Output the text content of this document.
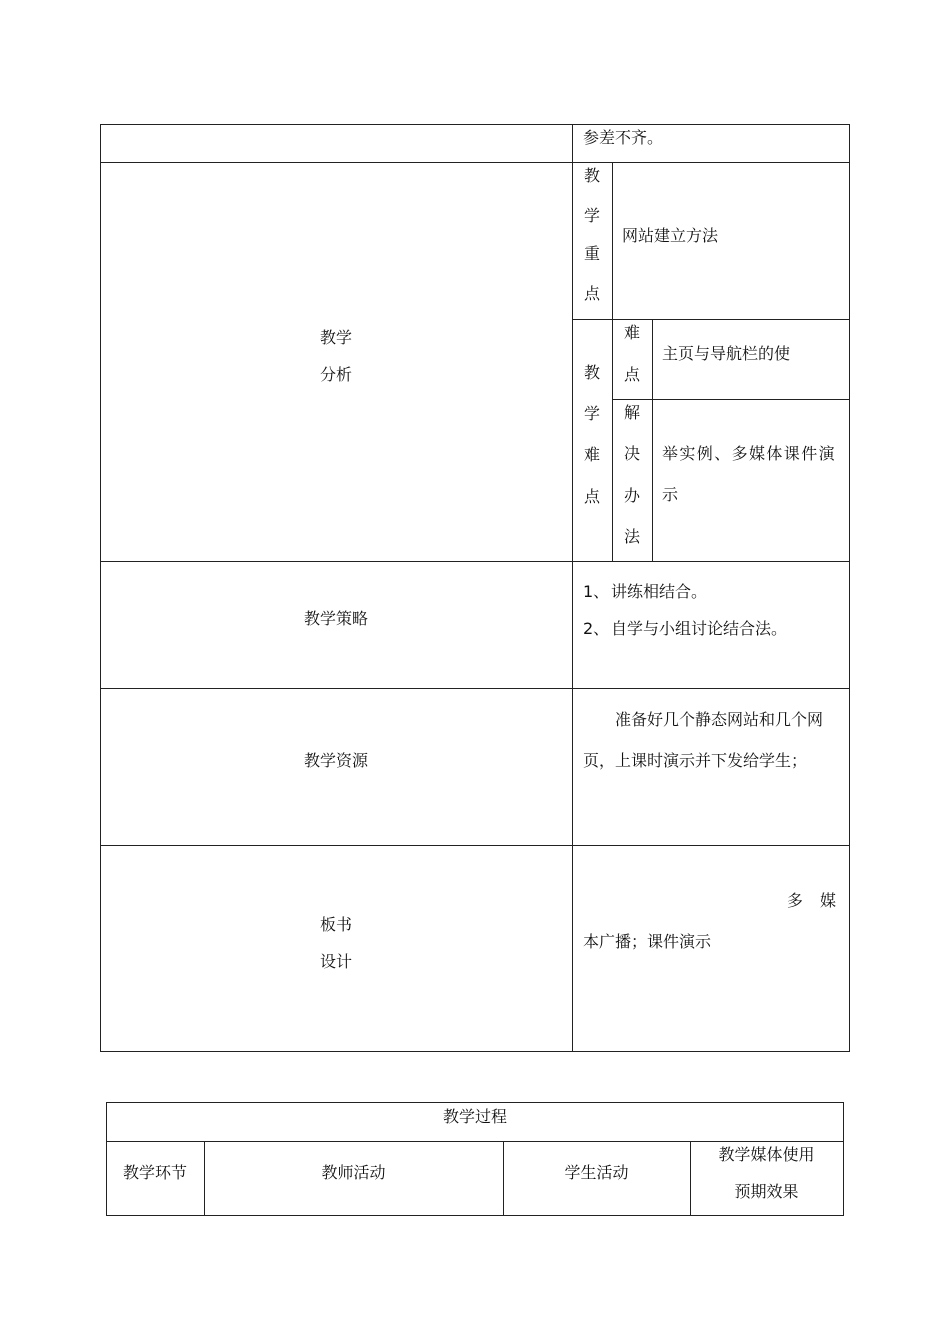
参差不齐。
教学
分析
教
学
重
点
网站建立方法
教
学
难
点
难
点
主页与导航栏的使
解
决
办
法
举实例、多媒体课件演
示
教学策略
1、 讲练相结合。
2、 自学与小组讨论结合法。
教学资源
准备好几个静态网站和几个网
页，上课时演示并下发给学生；
板书
设计
多 媒
本广播；课件演示
教学过程
教学环节	教师活动	学生活动
教学媒体使用
预期效果
